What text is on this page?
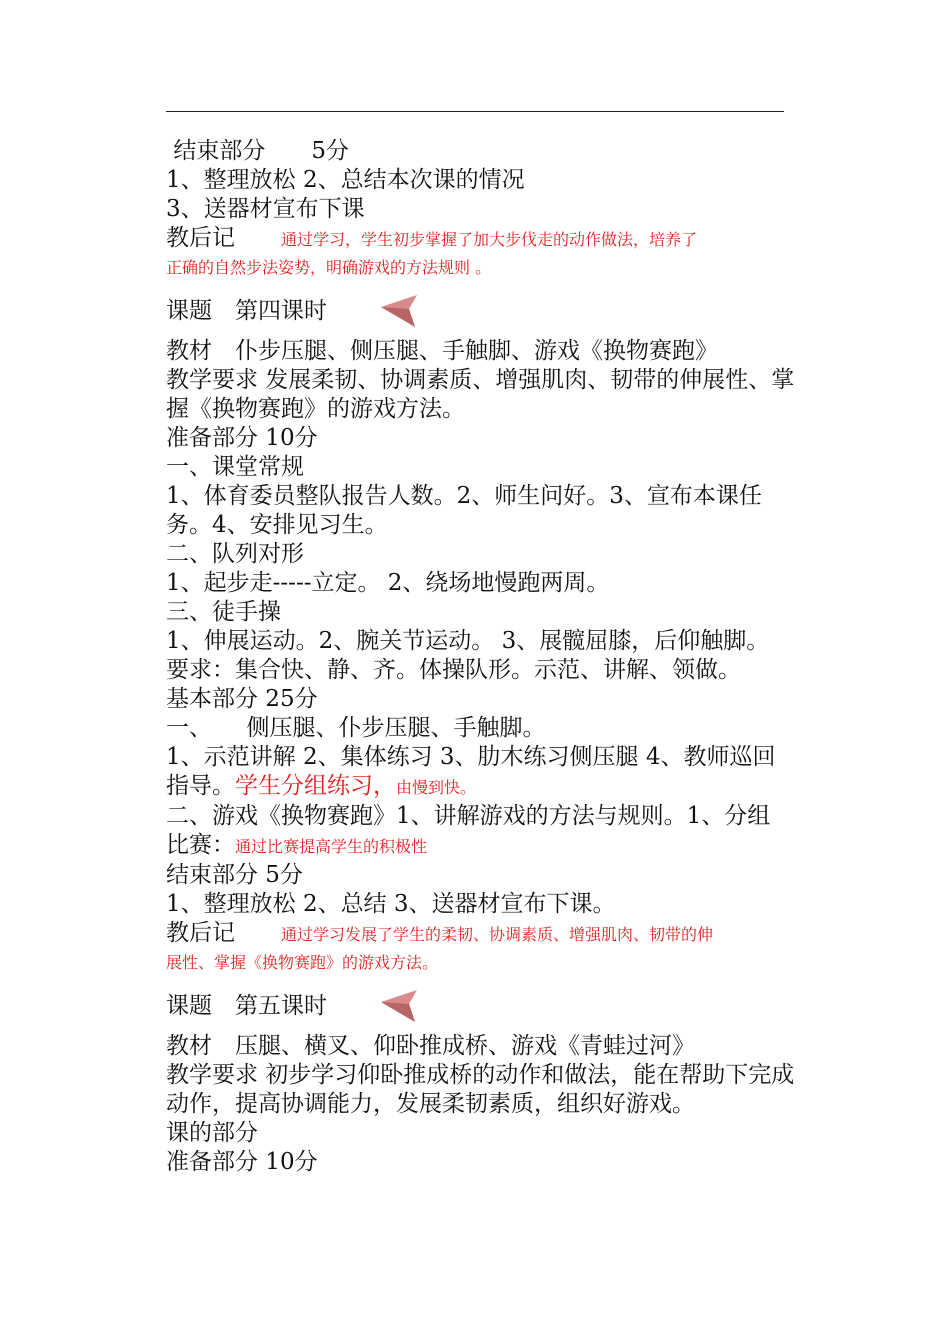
结束部分　　5分
1、整理放松 2、总结本次课的情况
3、送器材宣布下课
教后记　　通过学习，学生初步掌握了加大步伐走的动作做法，培养了
正确的自然步法姿势，明确游戏的方法规则 。
课题　第四课时
教材　仆步压腿、侧压腿、手触脚、游戏《换物赛跑》
教学要求 发展柔韧、协调素质、增强肌肉、韧带的伸展性、掌握《换物赛跑》的游戏方法。
准备部分 10分
一、课堂常规
1、体育委员整队报告人数。2、师生问好。3、宣布本课任务。4、安排见习生。
二、队列对形
1、起步走-----立定。 2、绕场地慢跑两周。
三、徒手操
1、伸展运动。2、腕关节运动。 3、展髋屈膝，后仰触脚。
要求：集合快、静、齐。体操队形。示范、讲解、领做。
基本部分 25分
一、　　侧压腿、仆步压腿、手触脚。
1、示范讲解 2、集体练习 3、肋木练习侧压腿 4、教师巡回
指导。学生分组练习，由慢到快。
二、游戏《换物赛跑》1、讲解游戏的方法与规则。1、分组
比赛：通过比赛提高学生的积极性
结束部分 5分
1、整理放松 2、总结 3、送器材宣布下课。
教后记　　通过学习发展了学生的柔韧、协调素质、增强肌肉、韧带的伸
展性、掌握《换物赛跑》的游戏方法。
课题　第五课时
教材　压腿、横叉、仰卧推成桥、游戏《青蛙过河》
教学要求 初步学习仰卧推成桥的动作和做法，能在帮助下完成动作，提高协调能力，发展柔韧素质，组织好游戏。
课的部分
准备部分 10分
